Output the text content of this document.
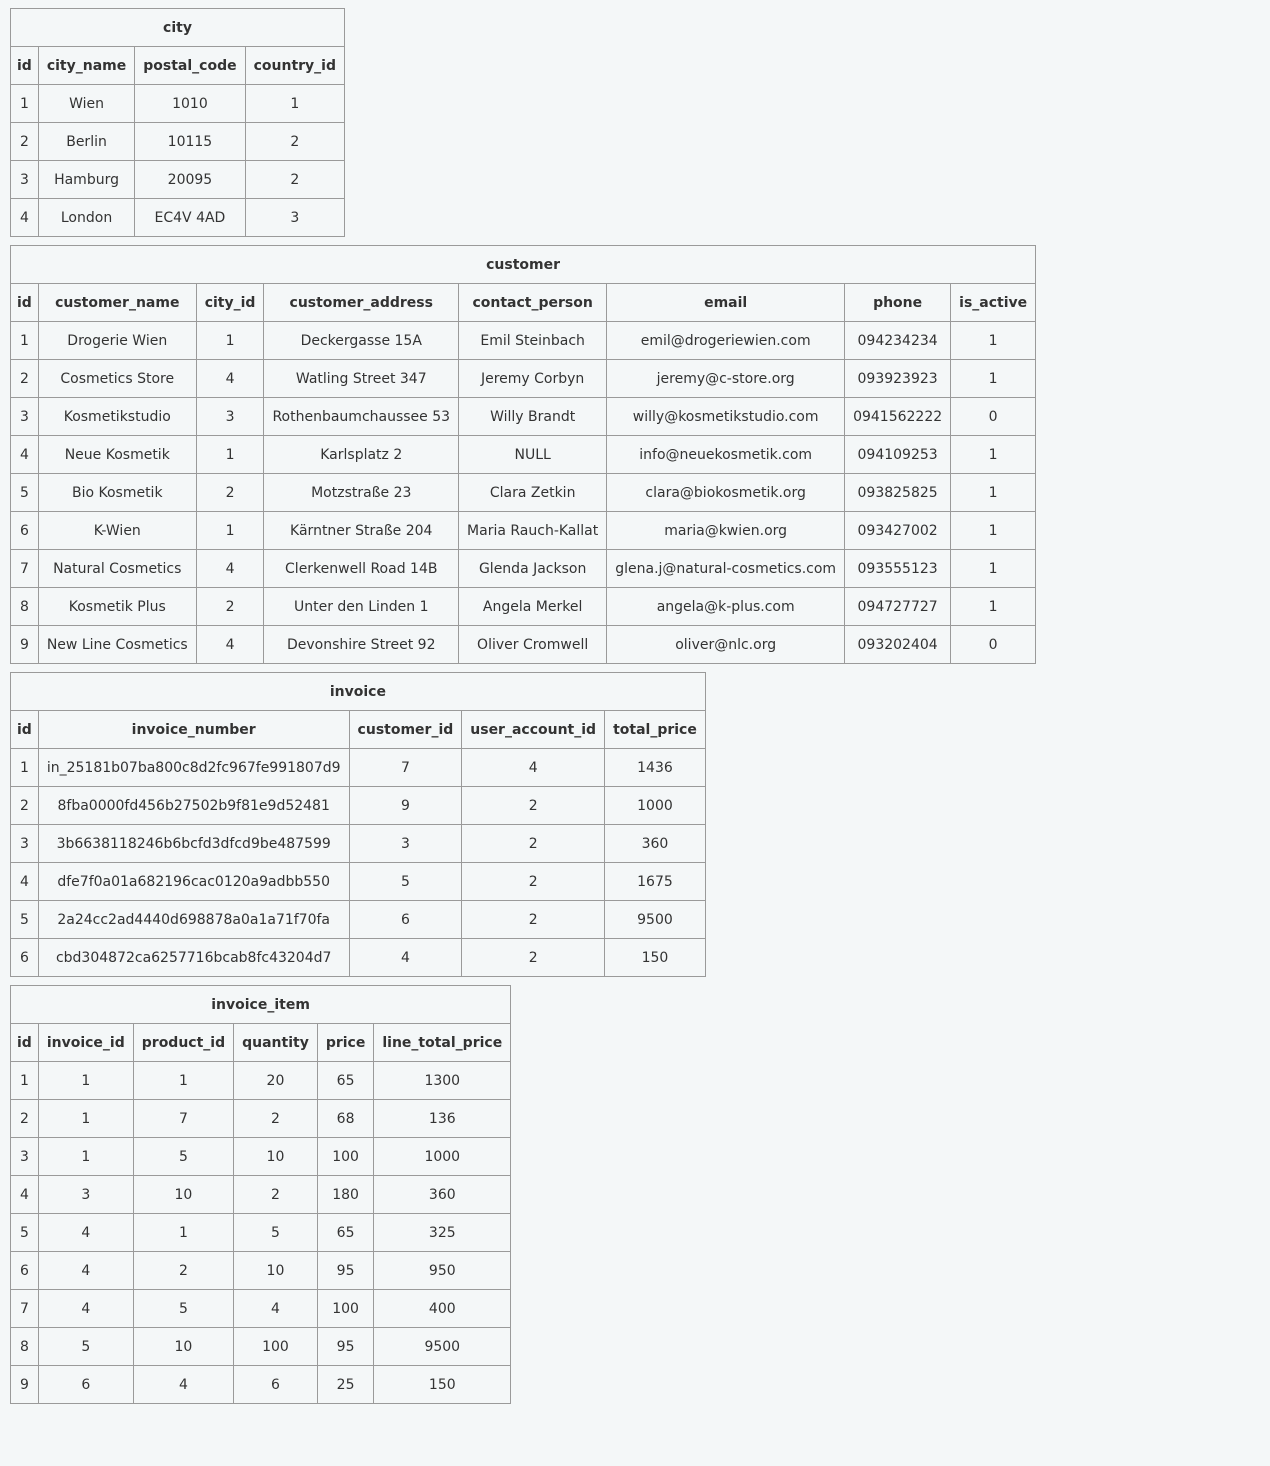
city			
id	city_name	postal_code	country_id
1	Wien	1010	1
2	Berlin	10115	2
3	Hamburg	20095	2
4	London	EC4V 4AD	3
customer							
id	customer_name	city_id	customer_address	contact_person	email	phone	is_active
1	Drogerie Wien	1	Deckergasse 15A	Emil Steinbach	emil@drogeriewien.com	094234234	1
2	Cosmetics Store	4	Watling Street 347	Jeremy Corbyn	jeremy@c-store.org	093923923	1
3	Kosmetikstudio	3	Rothenbaumchaussee 53	Willy Brandt	willy@kosmetikstudio.com	0941562222	0
4	Neue Kosmetik	1	Karlsplatz 2	NULL	info@neuekosmetik.com	094109253	1
5	Bio Kosmetik	2	Motzstraße 23	Clara Zetkin	clara@biokosmetik.org	093825825	1
6	K-Wien	1	Kärntner Straße 204	Maria Rauch-Kallat	maria@kwien.org	093427002	1
7	Natural Cosmetics	4	Clerkenwell Road 14B	Glenda Jackson	glena.j@natural-cosmetics.com	093555123	1
8	Kosmetik Plus	2	Unter den Linden 1	Angela Merkel	angela@k-plus.com	094727727	1
9	New Line Cosmetics	4	Devonshire Street 92	Oliver Cromwell	oliver@nlc.org	093202404	0
invoice				
id	invoice_number	customer_id	user_account_id	total_price
1	in_25181b07ba800c8d2fc967fe991807d9	7	4	1436
2	8fba0000fd456b27502b9f81e9d52481	9	2	1000
3	3b6638118246b6bcfd3dfcd9be487599	3	2	360
4	dfe7f0a01a682196cac0120a9adbb550	5	2	1675
5	2a24cc2ad4440d698878a0a1a71f70fa	6	2	9500
6	cbd304872ca6257716bcab8fc43204d7	4	2	150
invoice_item					
id	invoice_id	product_id	quantity	price	line_total_price
1	1	1	20	65	1300
2	1	7	2	68	136
3	1	5	10	100	1000
4	3	10	2	180	360
5	4	1	5	65	325
6	4	2	10	95	950
7	4	5	4	100	400
8	5	10	100	95	9500
9	6	4	6	25	150
